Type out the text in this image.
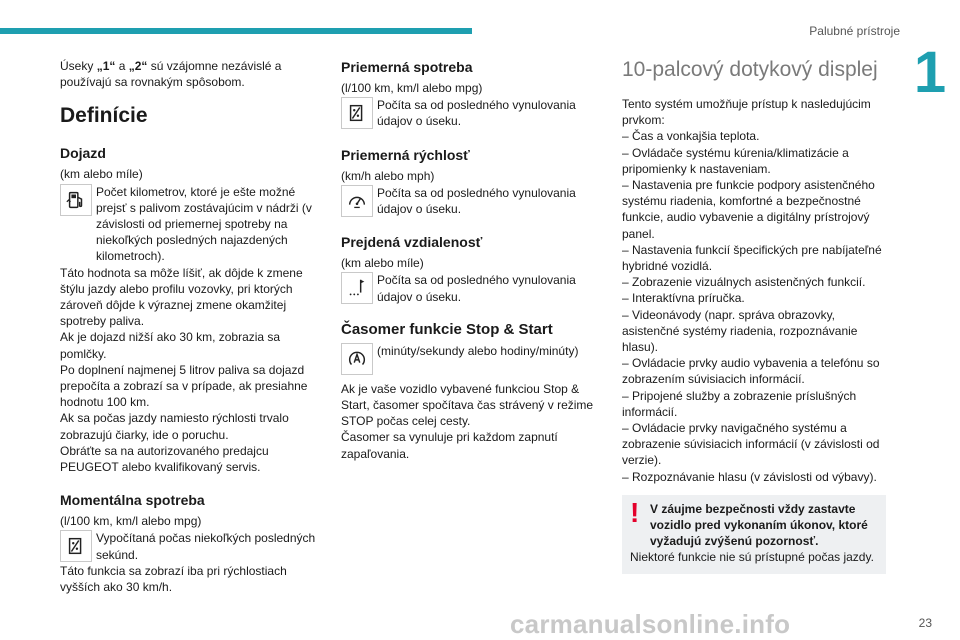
Palubné prístroje
1

Úseky „1“ a „2“ sú vzájomne nezávislé a používajú sa rovnakým spôsobom.

Definície
Dojazd

(km alebo míle)

Počet kilometrov, ktoré je ešte možné prejsť s palivom zostávajúcim v nádrži (v závislosti od priemernej spotreby na niekoľkých posledných najazdených kilometroch).

Táto hodnota sa môže líšiť, ak dôjde k zmene štýlu jazdy alebo profilu vozovky, pri ktorých zároveň dôjde k výraznej zmene okamžitej spotreby paliva.

Ak je dojazd nižší ako 30 km, zobrazia sa pomlčky.

Po doplnení najmenej 5 litrov paliva sa dojazd prepočíta a zobrazí sa v prípade, ak presiahne hodnotu 100 km.

Ak sa počas jazdy namiesto rýchlosti trvalo zobrazujú čiarky, ide o poruchu.

Obráťte sa na autorizovaného predajcu PEUGEOT alebo kvalifikovaný servis.

Momentálna spotreba

(l/100 km, km/l alebo mpg)

Vypočítaná počas niekoľkých posledných sekúnd.

Táto funkcia sa zobrazí iba pri rýchlostiach vyšších ako 30 km/h.

Priemerná spotreba

(l/100 km, km/l alebo mpg)

Počíta sa od posledného vynulovania údajov o úseku.
Priemerná rýchlosť

(km/h alebo mph)

Počíta sa od posledného vynulovania údajov o úseku.
Prejdená vzdialenosť

(km alebo míle)

Počíta sa od posledného vynulovania údajov o úseku.
Časomer funkcie Stop & Start
(minúty/sekundy alebo hodiny/minúty)

Ak je vaše vozidlo vybavené funkciou Stop & Start, časomer spočítava čas strávený v režime STOP počas celej cesty.

Časomer sa vynuluje pri každom zapnutí zapaľovania.

10-palcový dotykový displej

Tento systém umožňuje prístup k nasledujúcim prvkom:

– Čas a vonkajšia teplota.

– Ovládače systému kúrenia/klimatizácie a pripomienky k nastaveniam.

– Nastavenia pre funkcie podpory asistenčného systému riadenia, komfortné a bezpečnostné funkcie, audio vybavenie a digitálny prístrojový panel.

– Nastavenia funkcií špecifických pre nabíjateľné hybridné vozidlá.

– Zobrazenie vizuálnych asistenčných funkcií.

– Interaktívna príručka.

– Videonávody (napr. správa obrazovky, asistenčné systémy riadenia, rozpoznávanie hlasu).

– Ovládacie prvky audio vybavenia a telefónu so zobrazením súvisiacich informácií.

– Pripojené služby a zobrazenie príslušných informácií.

– Ovládacie prvky navigačného systému a zobrazenie súvisiacich informácií (v závislosti od verzie).

– Rozpoznávanie hlasu (v závislosti od výbavy).

! V záujme bezpečnosti vždy zastavte vozidlo pred vykonaním úkonov, ktoré vyžadujú zvýšenú pozornosť.

Niektoré funkcie nie sú prístupné počas jazdy.

23
carmanualsonline.info
